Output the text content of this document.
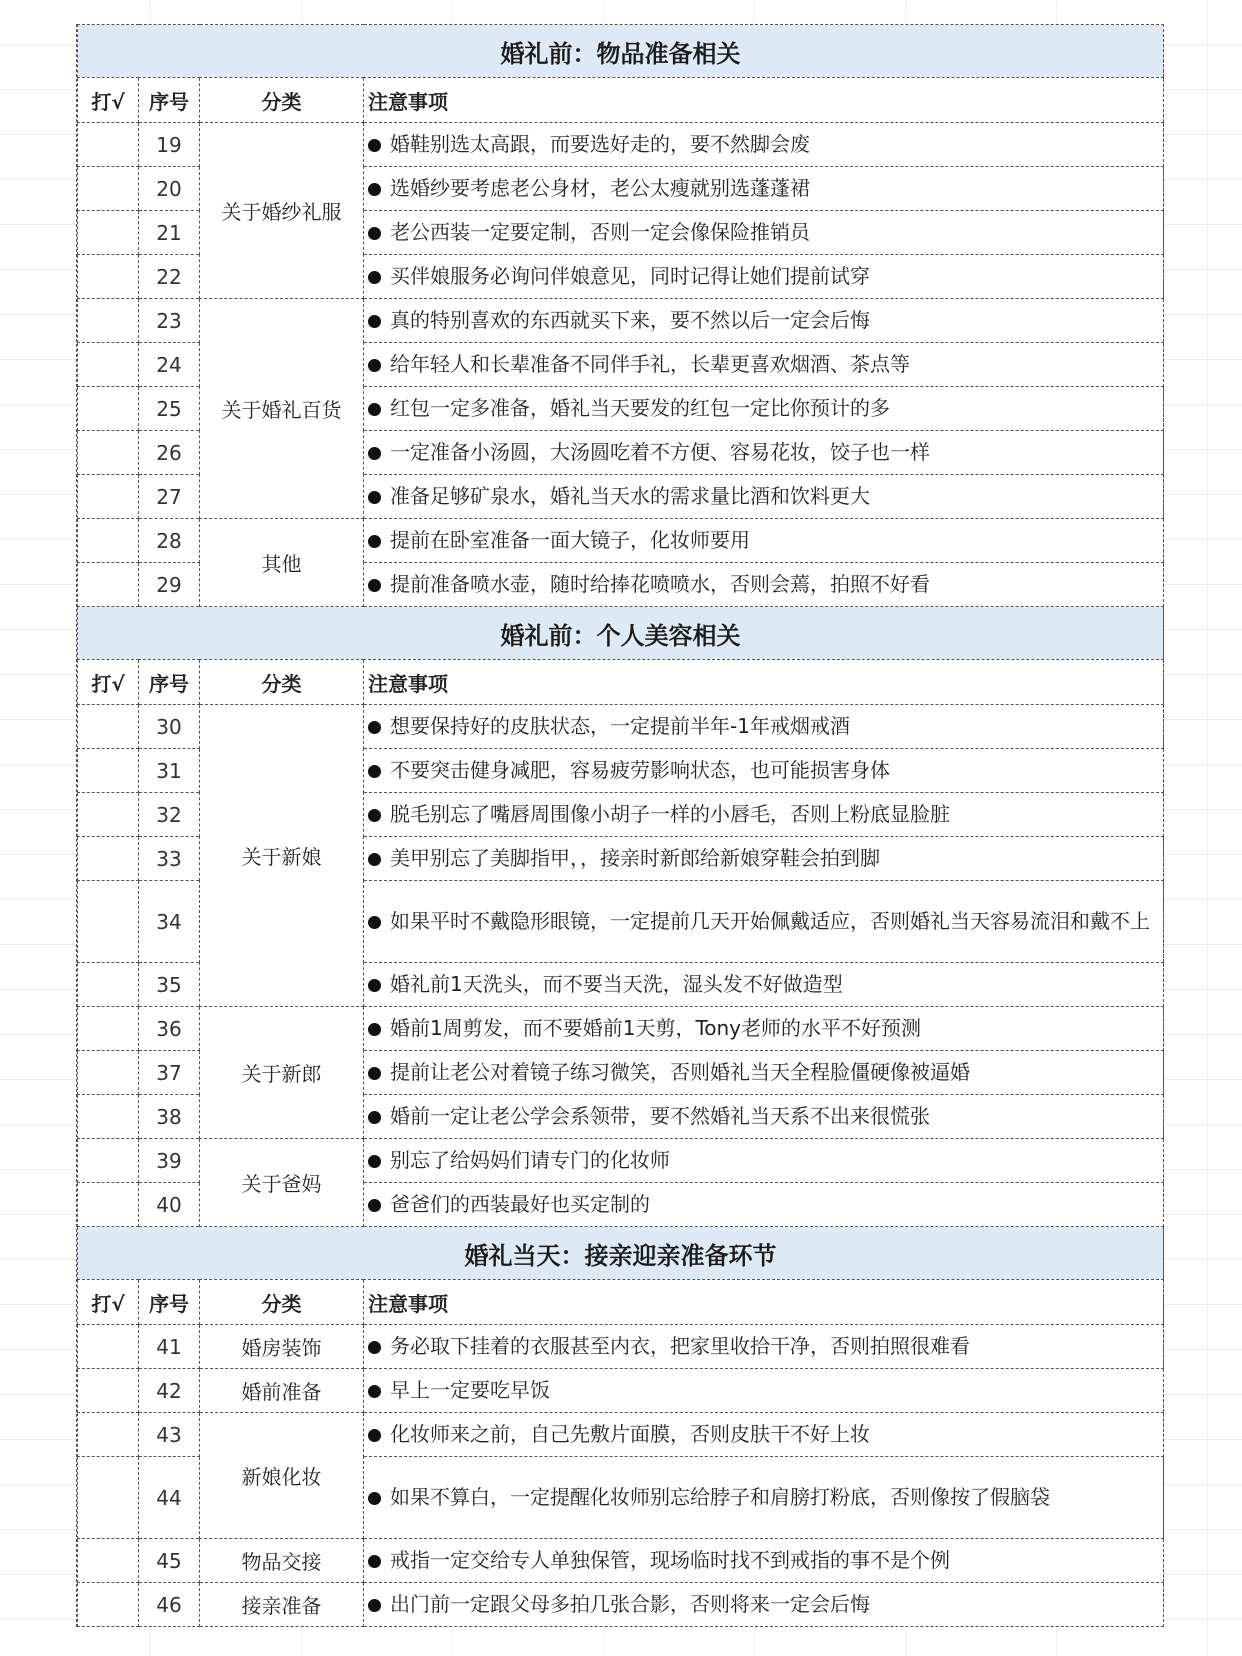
婚礼前：物品准备相关			
打√	序号	分类	注意事项
	19	关于婚纱礼服	婚鞋别选太高跟，而要选好走的，要不然脚会废
	20		选婚纱要考虑老公身材，老公太瘦就别选蓬蓬裙
	21		老公西装一定要定制，否则一定会像保险推销员
	22		买伴娘服务必询问伴娘意见，同时记得让她们提前试穿
	23	关于婚礼百货	真的特别喜欢的东西就买下来，要不然以后一定会后悔
	24		给年轻人和长辈准备不同伴手礼，长辈更喜欢烟酒、茶点等
	25		红包一定多准备，婚礼当天要发的红包一定比你预计的多
	26		一定准备小汤圆，大汤圆吃着不方便、容易花妆，饺子也一样
	27		准备足够矿泉水，婚礼当天水的需求量比酒和饮料更大
	28	其他	提前在卧室准备一面大镜子，化妆师要用
	29		提前准备喷水壶，随时给捧花喷喷水，否则会蔫，拍照不好看
婚礼前：个人美容相关			
打√	序号	分类	注意事项
	30	关于新娘	想要保持好的皮肤状态，一定提前半年-1年戒烟戒酒
	31		不要突击健身减肥，容易疲劳影响状态，也可能损害身体
	32		脱毛别忘了嘴唇周围像小胡子一样的小唇毛，否则上粉底显脸脏
	33		美甲别忘了美脚指甲，，接亲时新郎给新娘穿鞋会拍到脚
	34		如果平时不戴隐形眼镜，一定提前几天开始佩戴适应，否则婚礼当天容易流泪和戴不上
	35		婚礼前1天洗头，而不要当天洗，湿头发不好做造型
	36	关于新郎	婚前1周剪发，而不要婚前1天剪，Tony老师的水平不好预测
	37		提前让老公对着镜子练习微笑，否则婚礼当天全程脸僵硬像被逼婚
	38		婚前一定让老公学会系领带，要不然婚礼当天系不出来很慌张
	39	关于爸妈	别忘了给妈妈们请专门的化妆师
	40		爸爸们的西装最好也买定制的
婚礼当天：接亲迎亲准备环节			
打√	序号	分类	注意事项
	41	婚房装饰	务必取下挂着的衣服甚至内衣，把家里收拾干净，否则拍照很难看
	42	婚前准备	早上一定要吃早饭
	43	新娘化妆	化妆师来之前，自己先敷片面膜，否则皮肤干不好上妆
	44		如果不算白，一定提醒化妆师别忘给脖子和肩膀打粉底，否则像按了假脑袋
	45	物品交接	戒指一定交给专人单独保管，现场临时找不到戒指的事不是个例
	46	接亲准备	出门前一定跟父母多拍几张合影，否则将来一定会后悔
